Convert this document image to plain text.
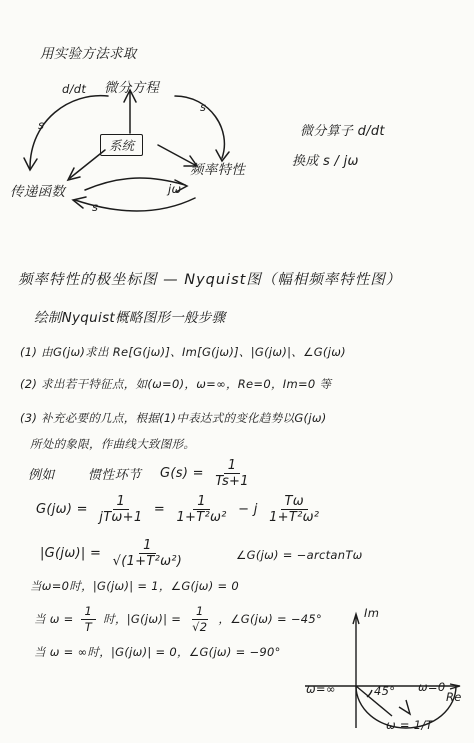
用实验方法求取
微分方程
系统
传递函数
频率特性
d/dt
s
s
jω
s
微分算子 d/dt
换成 s / jω
频率特性的极坐标图 — Nyquist图（幅相频率特性图）
绘制Nyquist概略图形一般步骤
(1) 由G(jω)求出 Re[G(jω)]、Im[G(jω)]、|G(jω)|、∠G(jω)
(2) 求出若干特征点，如(ω=0)，ω=∞，Re=0，Im=0 等
(3) 补充必要的几点，根据(1)中表达式的变化趋势以G(jω)
所处的象限，作曲线大致图形。
例如	惯性环节 $G(s) = \frac{1}{Ts+1}$
$G(j\omega) = \frac{1}{\text{jTω+1}} = \frac{1}{\text{1+T²ω²}} - j \frac{T\omega}{\text{1+T²ω²}}$
$|G(j\omega)| = \frac{1}{\text{√(1+T²ω²)}}$	∠G(jω) = −arctanTω
当ω=0时，|G(jω)| = 1，∠G(jω) = 0
当 $\omega = \frac{1}{T}$ 时，$|G(j\omega)| = \frac{1}{√2}$ ，∠G(jω) = −45°
当 ω = ∞时，|G(jω)| = 0，∠G(jω) = −90°
Im
Re
ω=∞	ω=0
45°
ω = 1/T
